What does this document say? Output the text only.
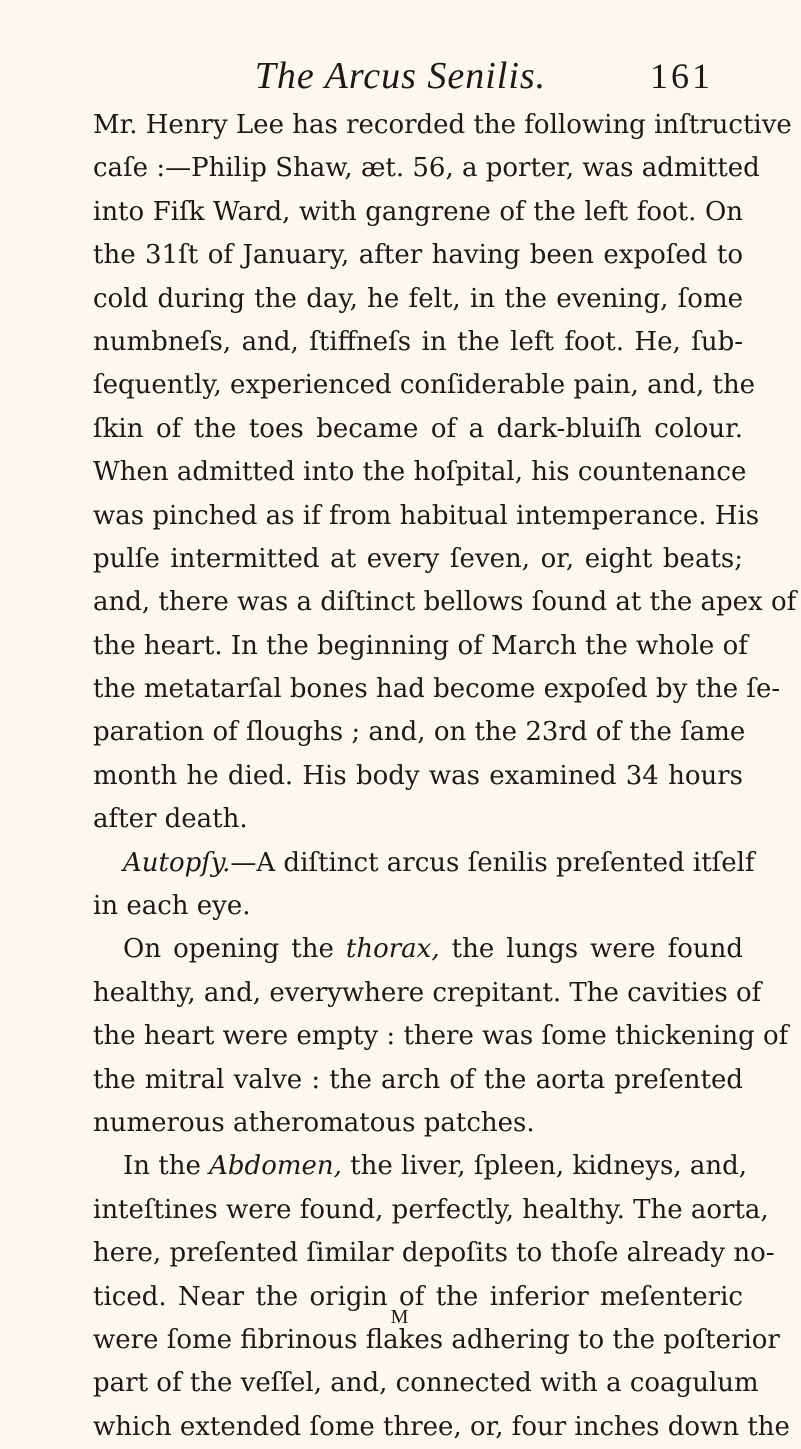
The Arcus Senilis.	161
Mr. Henry Lee has recorded the following inſtructive
caſe :—Philip Shaw, æt. 56, a porter, was admitted
into Fiſk Ward, with gangrene of the left foot. On
the 31ſt of January, after having been expoſed to
cold during the day, he felt, in the evening, ſome
numbneſs, and, ſtiffneſs in the left foot. He, ſub-
ſequently, experienced conſiderable pain, and, the
ſkin of the toes became of a dark-bluiſh colour.
When admitted into the hoſpital, his countenance
was pinched as if from habitual intemperance. His
pulſe intermitted at every ſeven, or, eight beats;
and, there was a diſtinct bellows ſound at the apex of
the heart. In the beginning of March the whole of
the metatarſal bones had become expoſed by the ſe-
paration of ſloughs ; and, on the 23rd of the ſame
month he died. His body was examined 34 hours
after death.
Autopſy.—A diſtinct arcus ſenilis preſented itſelf
in each eye.
On opening the thorax, the lungs were found
healthy, and, everywhere crepitant. The cavities of
the heart were empty : there was ſome thickening of
the mitral valve : the arch of the aorta preſented
numerous atheromatous patches.
In the Abdomen, the liver, ſpleen, kidneys, and,
inteſtines were found, perfectly, healthy. The aorta,
here, preſented ſimilar depoſits to thoſe already no-
ticed. Near the origin of the inferior meſenteric
were ſome fibrinous flakes adhering to the poſterior
part of the veſſel, and, connected with a coagulum
which extended ſome three, or, four inches down the
M
